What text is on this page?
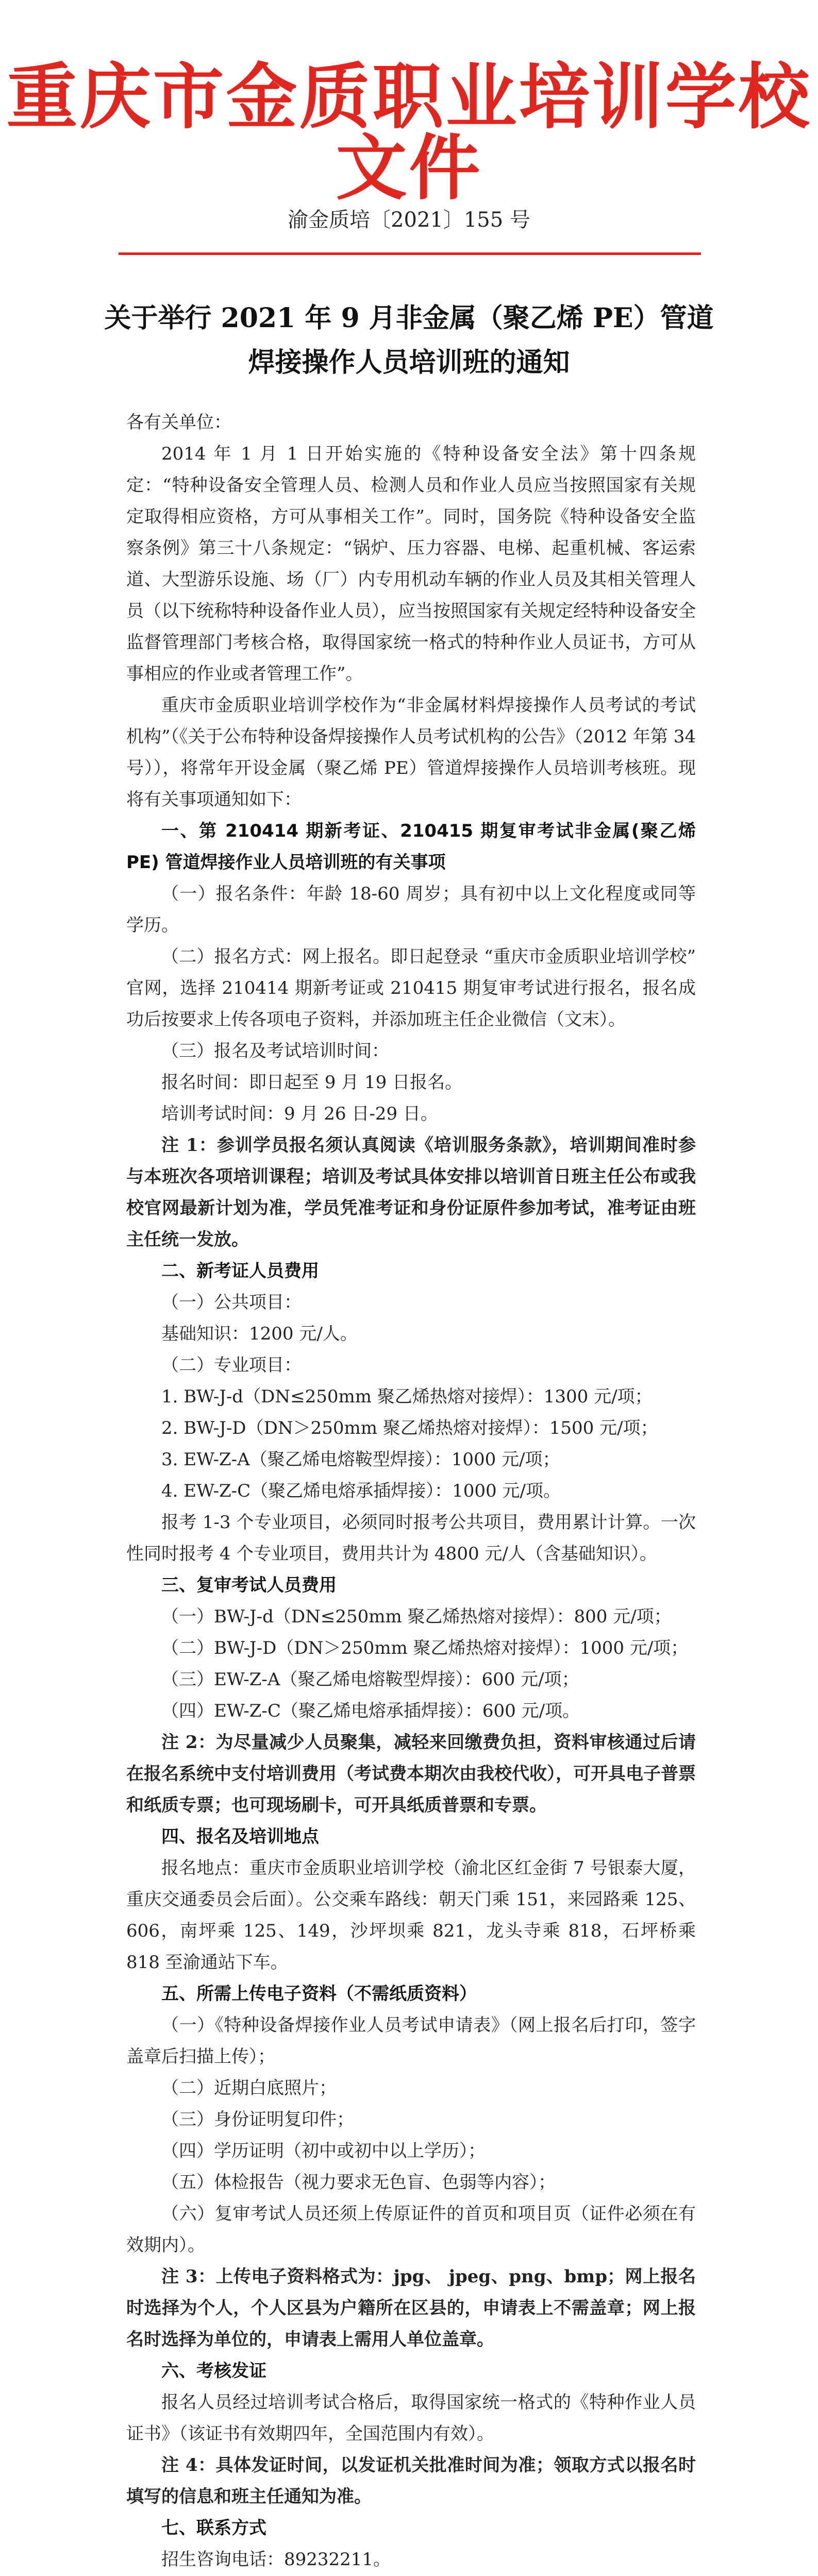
重庆市金质职业培训学校文件
渝金质培〔2021〕155 号
关于举行 2021 年 9 月非金属（聚乙烯 PE）管道
焊接操作人员培训班的通知

各有关单位：

2014 年 1 月 1 日开始实施的《特种设备安全法》第十四条规定：“特种设备安全管理人员、检测人员和作业人员应当按照国家有关规定取得相应资格，方可从事相关工作”。同时，国务院《特种设备安全监察条例》第三十八条规定：“锅炉、压力容器、电梯、起重机械、客运索道、大型游乐设施、场（厂）内专用机动车辆的作业人员及其相关管理人员（以下统称特种设备作业人员），应当按照国家有关规定经特种设备安全监督管理部门考核合格，取得国家统一格式的特种作业人员证书，方可从事相应的作业或者管理工作”。

重庆市金质职业培训学校作为“非金属材料焊接操作人员考试的考试机构”（《关于公布特种设备焊接操作人员考试机构的公告》（2012 年第 34 号）），将常年开设金属（聚乙烯 PE）管道焊接操作人员培训考核班。现将有关事项通知如下：

一、第 210414 期新考证、210415 期复审考试非金属(聚乙烯 PE) 管道焊接作业人员培训班的有关事项

（一）报名条件：年龄 18-60 周岁；具有初中以上文化程度或同等学历。

（二）报名方式：网上报名。即日起登录 “重庆市金质职业培训学校” 官网，选择 210414 期新考证或 210415 期复审考试进行报名，报名成功后按要求上传各项电子资料，并添加班主任企业微信（文末）。

（三）报名及考试培训时间：

报名时间：即日起至 9 月 19 日报名。

培训考试时间：9 月 26 日-29 日。

注 1：参训学员报名须认真阅读《培训服务条款》，培训期间准时参与本班次各项培训课程；培训及考试具体安排以培训首日班主任公布或我校官网最新计划为准，学员凭准考证和身份证原件参加考试，准考证由班主任统一发放。

二、新考证人员费用

（一）公共项目：

基础知识：1200 元/人。

（二）专业项目：

1. BW-J-d（DN≤250mm 聚乙烯热熔对接焊）：1300 元/项；

2. BW-J-D（DN＞250mm 聚乙烯热熔对接焊）：1500 元/项；

3. EW-Z-A（聚乙烯电熔鞍型焊接）：1000 元/项；

4. EW-Z-C（聚乙烯电熔承插焊接）：1000 元/项。

报考 1-3 个专业项目，必须同时报考公共项目，费用累计计算。一次性同时报考 4 个专业项目，费用共计为 4800 元/人（含基础知识）。

三、复审考试人员费用

（一）BW-J-d（DN≤250mm 聚乙烯热熔对接焊）：800 元/项；

（二）BW-J-D（DN＞250mm 聚乙烯热熔对接焊）：1000 元/项；

（三）EW-Z-A（聚乙烯电熔鞍型焊接）：600 元/项；

（四）EW-Z-C（聚乙烯电熔承插焊接）：600 元/项。

注 2：为尽量减少人员聚集，减轻来回缴费负担，资料审核通过后请在报名系统中支付培训费用（考试费本期次由我校代收），可开具电子普票和纸质专票；也可现场刷卡，可开具纸质普票和专票。

四、报名及培训地点

报名地点：重庆市金质职业培训学校（渝北区红金街 7 号银泰大厦，重庆交通委员会后面）。公交乘车路线：朝天门乘 151，来园路乘 125、606，南坪乘 125、149，沙坪坝乘 821，龙头寺乘 818，石坪桥乘 818 至渝通站下车。

五、所需上传电子资料（不需纸质资料）

（一）《特种设备焊接作业人员考试申请表》（网上报名后打印，签字盖章后扫描上传）；

（二）近期白底照片；

（三）身份证明复印件；

（四）学历证明（初中或初中以上学历）；

（五）体检报告（视力要求无色盲、色弱等内容）；

（六）复审考试人员还须上传原证件的首页和项目页（证件必须在有效期内）。

注 3：上传电子资料格式为：jpg、 jpeg、png、bmp；网上报名时选择为个人，个人区县为户籍所在区县的，申请表上不需盖章；网上报名时选择为单位的，申请表上需用人单位盖章。

六、考核发证

报名人员经过培训考试合格后，取得国家统一格式的《特种作业人员证书》（该证书有效期四年，全国范围内有效）。

注 4：具体发证时间，以发证机关批准时间为准；领取方式以报名时填写的信息和班主任通知为准。

七、联系方式

招生咨询电话：89232211。
